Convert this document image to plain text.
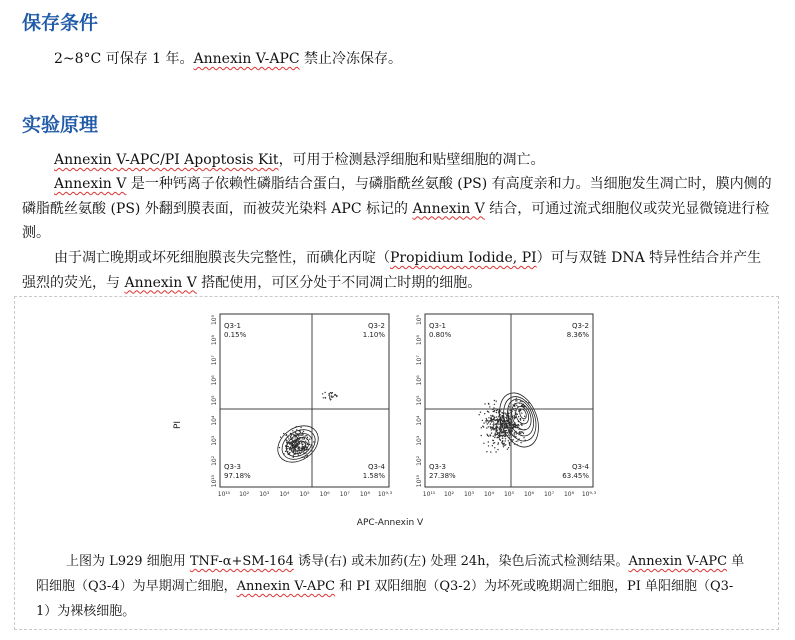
保存条件

2~8°C 可保存 1 年。Annexin V-APC 禁止冷冻保存。

实验原理

Annexin V-APC/PI Apoptosis Kit，可用于检测悬浮细胞和贴壁细胞的凋亡。

Annexin V 是一种钙离子依赖性磷脂结合蛋白，与磷脂酰丝氨酸 (PS) 有高度亲和力。当细胞发生凋亡时，膜内侧的磷脂酰丝氨酸 (PS) 外翻到膜表面，而被荧光染料 APC 标记的 Annexin V 结合，可通过流式细胞仪或荧光显微镜进行检测。

由于凋亡晚期或坏死细胞膜丧失完整性，而碘化丙啶（Propidium Iodide, PI）可与双链 DNA 特异性结合并产生强烈的荧光，与 Annexin V 搭配使用，可区分处于不同凋亡时期的细胞。

Q3-1
0.15%
Q3-2
1.10%
Q3-3
97.18%
Q3-4
1.58%
10⁹
10⁸
10⁷
10⁶
10⁵
10⁴
10³
10²
10¹⁵
10¹⁵ 10² 10³ 10⁴ 10⁵ 10⁶ 10⁷ 10⁸ 10⁹⋅³
Q3-1
0.80%
Q3-2
8.36%
Q3-3
27.38%
Q3-4
63.45%
10⁹
10⁸
10⁷
10⁶
10⁵
10⁴
10³
10²
10¹⁵
10¹⁵ 10² 10³ 10⁴ 10⁵ 10⁶ 10⁷ 10⁸ 10⁹⋅³
PI
APC-Annexin V

上图为 L929 细胞用 TNF-α+SM-164 诱导(右) 或未加药(左) 处理 24h，染色后流式检测结果。Annexin V-APC 单阳细胞（Q3-4）为早期凋亡细胞，Annexin V-APC 和 PI 双阳细胞（Q3-2）为坏死或晚期凋亡细胞，PI 单阳细胞（Q3-1）为裸核细胞。
